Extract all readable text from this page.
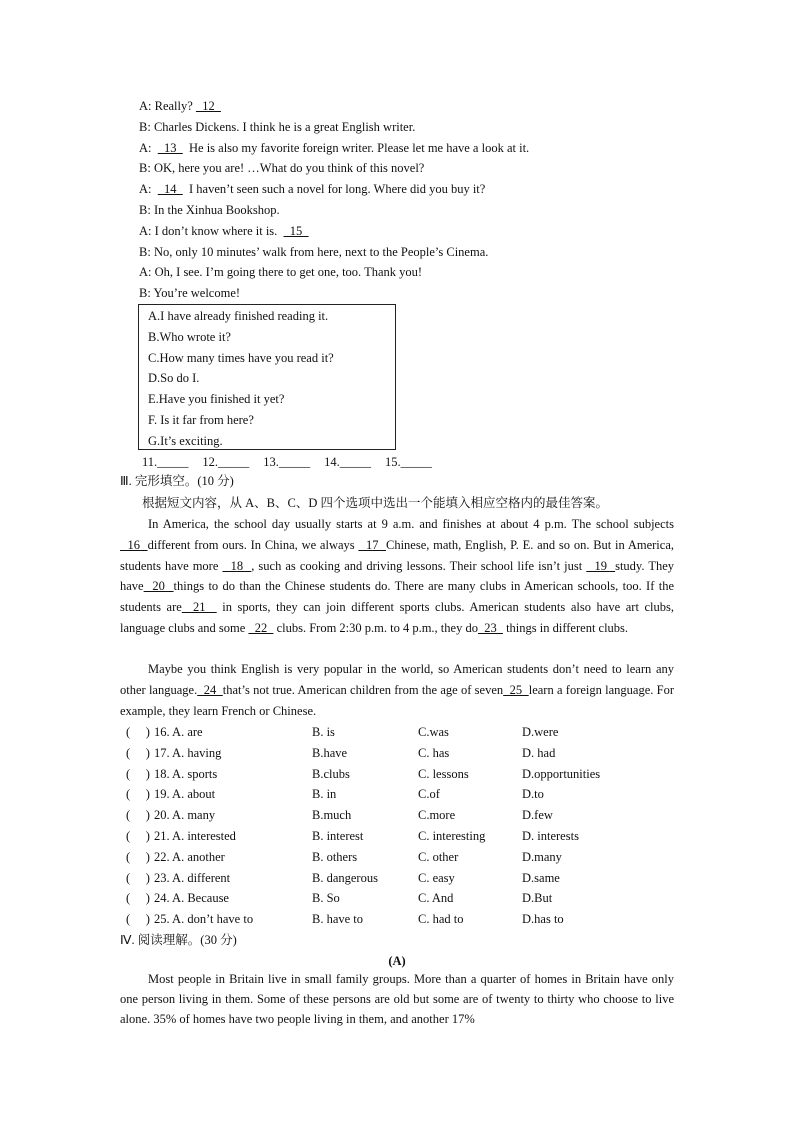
A: Really?   12
B: Charles Dickens. I think he is a great English writer.
A:    13    He is also my favorite foreign writer. Please let me have a look at it.
B: OK, here you are! …What do you think of this novel?
A:    14    I haven’t seen such a novel for long. Where did you buy it?
B: In the Xinhua Bookshop.
A: I don’t know where it is.    15
B: No, only 10 minutes’ walk from here, next to the People’s Cinema.
A: Oh, I see. I’m going there to get one, too. Thank you!
B: You’re welcome!
A.I have already finished reading it.
B.Who wrote it?
C.How many times have you read it?
D.So do I.
E.Have you finished it yet?
F. Is it far from here?
G.It’s exciting.
11._____ 12._____ 13._____ 14._____ 15._____
Ⅲ. 完形填空。(10 分)
根据短文内容，从 A、B、C、D 四个选项中选出一个能填入相应空格内的最佳答案。
In America, the school day usually starts at 9 a.m. and finishes at about 4 p.m. The school subjects  16  different from ours. In China, we always   17  Chinese, math, English, P. E. and so on. But in America, students have more   18  , such as cooking and driving lessons. Their school life isn’t just   19  study. They have  20  things to do than the Chinese students do. There are many clubs in American schools, too. If the students are  21   in sports, they can join different sports clubs. American students also have art clubs, language clubs and some   22   clubs. From 2:30 p.m. to 4 p.m., they do  23   things in different clubs.
Maybe you think English is very popular in the world, so American students don’t need to learn any other language.  24  that’s not true. American children from the age of seven  25  learn a foreign language. For example, they learn French or Chinese.
(     ) 16. A. are	B. is	C.was	D.were
(     ) 17. A. having	B.have	C. has	D. had
(     ) 18. A. sports	B.clubs	C. lessons	D.opportunities
(     ) 19. A. about	B. in	C.of	D.to
(     ) 20. A. many	B.much	C.more	D.few
(     ) 21. A. interested	B. interest	C. interesting	D. interests
(     ) 22. A. another	B. others	C. other	D.many
(     ) 23. A. different	B. dangerous	C. easy	D.same
(     ) 24. A. Because	B. So	C. And	D.But
(     ) 25. A. don’t have to	B. have to	C. had to	D.has to
Ⅳ. 阅读理解。(30 分)
(A)
Most people in Britain live in small family groups. More than a quarter of homes in Britain have only one person living in them. Some of these persons are old but some are of twenty to thirty who choose to live alone. 35% of homes have two people living in them, and another 17%
